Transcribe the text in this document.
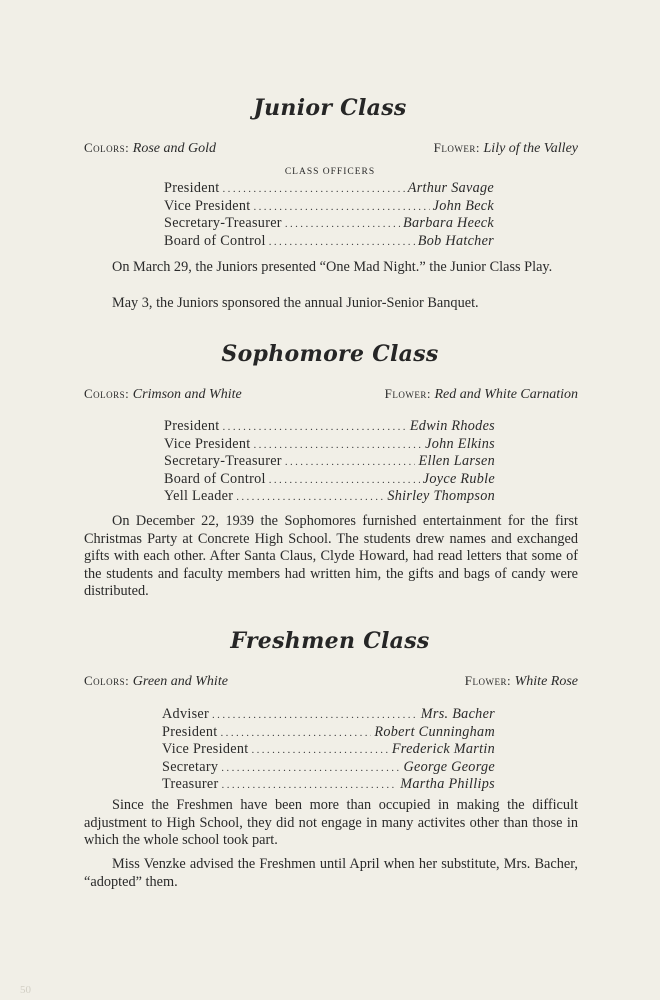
Junior Class
Colors: Rose and Gold	Flower: Lily of the Valley
CLASS OFFICERS
President .....	Arthur Savage
Vice President .....	John Beck
Secretary-Treasurer .....	Barbara Heeck
Board of Control .....	Bob Hatcher

On March 29, the Juniors presented “One Mad Night.” the Junior Class Play.

May 3, the Juniors sponsored the annual Junior-Senior Banquet.

Sophomore Class
Colors: Crimson and White	Flower: Red and White Carnation
President .....	Edwin Rhodes
Vice President .....	John Elkins
Secretary-Treasurer .....	Ellen Larsen
Board of Control .....	Joyce Ruble
Yell Leader .....	Shirley Thompson

On December 22, 1939 the Sophomores furnished entertainment for the first Christmas Party at Concrete High School. The students drew names and exchanged gifts with each other. After Santa Claus, Clyde Howard, had read letters that some of the students and faculty members had written him, the gifts and bags of candy were distributed.

Freshmen Class
Colors: Green and White	Flower: White Rose
Adviser .....	Mrs. Bacher
President .....	Robert Cunningham
Vice President .....	Frederick Martin
Secretary .....	George George
Treasurer .....	Martha Phillips

Since the Freshmen have been more than occupied in making the difficult adjustment to High School, they did not engage in many activites other than those in which the whole school took part.

Miss Venzke advised the Freshmen until April when her substitute, Mrs. Bacher, “adopted” them.

50
